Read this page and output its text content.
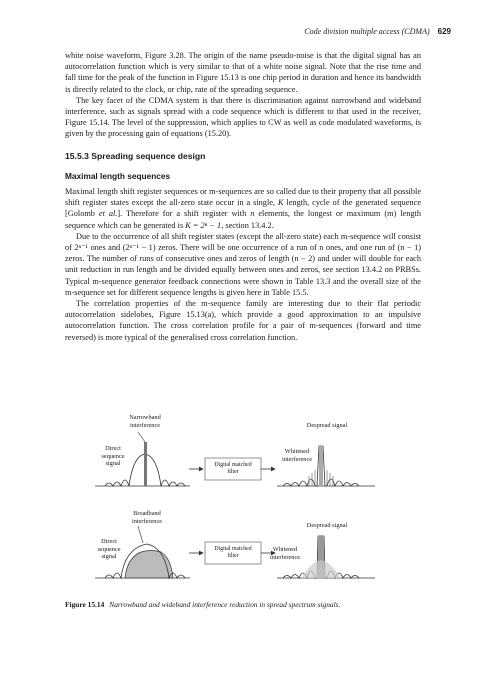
Code division multiple access (CDMA) 629

white noise waveform, Figure 3.28. The origin of the name pseudo-noise is that the digital signal has an autocorrelation function which is very similar to that of a white noise signal. Note that the rise time and fall time for the peak of the function in Figure 15.13 is one chip period in duration and hence its bandwidth is directly related to the clock, or chip, rate of the spreading sequence.

The key facet of the CDMA system is that there is discrimination against narrowband and wideband interference, such as signals spread with a code sequence which is different to that used in the receiver, Figure 15.14. The level of the suppression, which applies to CW as well as code modulated waveforms, is given by the processing gain of equations (15.20).

15.5.3 Spreading sequence design
Maximal length sequences

Maximal length shift register sequences or m-sequences are so called due to their property that all possible shift register states except the all-zero state occur in a single, K length, cycle of the generated sequence [Golomb et al.]. Therefore for a shift register with n elements, the longest or maximum (m) length sequence which can be generated is K = 2ⁿ − 1, section 13.4.2.

Due to the occurrence of all shift register states (except the all-zero state) each m-sequence will consist of 2ⁿ⁻¹ ones and (2ⁿ⁻¹ − 1) zeros. There will be one occurrence of a run of n ones, and one run of (n − 1) zeros. The number of runs of consecutive ones and zeros of length (n − 2) and under will double for each unit reduction in run length and be divided equally between ones and zeros, see section 13.4.2 on PRBSs. Typical m-sequence generator feedback connections were shown in Table 13.3 and the overall size of the m-sequence set for different sequence lengths is given here in Table 15.5.

The correlation properties of the m-sequence family are interesting due to their flat periodic autocorrelation sidelobes, Figure 15.13(a), which provide a good approximation to an impulsive autocorrelation function. The cross correlation profile for a pair of m-sequences (forward and time reversed) is more typical of the generalised cross correlation function.

Narrowband
interference
Direct
sequence
signal	Digital matched
filter
Despread signal
Whitened
interference
Broadband
interference
Direct
sequence
signal
Digital matched
filter
Despread signal
Whitened
interference
Figure 15.14 Narrowband and wideband interference reduction in spread spectrum signals.
